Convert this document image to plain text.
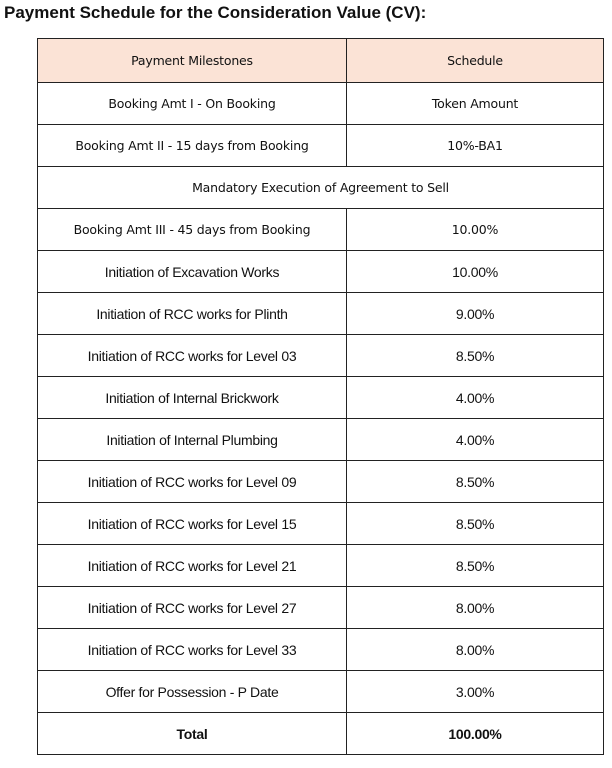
Payment Schedule for the Consideration Value (CV):
Payment Milestones	Schedule
Booking Amt I - On Booking	Token Amount
Booking Amt II - 15 days from Booking	10%-BA1
Mandatory Execution of Agreement to Sell	
Booking Amt III - 45 days from Booking	10.00%
Initiation of Excavation Works	10.00%
Initiation of RCC works for Plinth	9.00%
Initiation of RCC works for Level 03	8.50%
Initiation of Internal Brickwork	4.00%
Initiation of Internal Plumbing	4.00%
Initiation of RCC works for Level 09	8.50%
Initiation of RCC works for Level 15	8.50%
Initiation of RCC works for Level 21	8.50%
Initiation of RCC works for Level 27	8.00%
Initiation of RCC works for Level 33	8.00%
Offer for Possession - P Date	3.00%
Total	100.00%
